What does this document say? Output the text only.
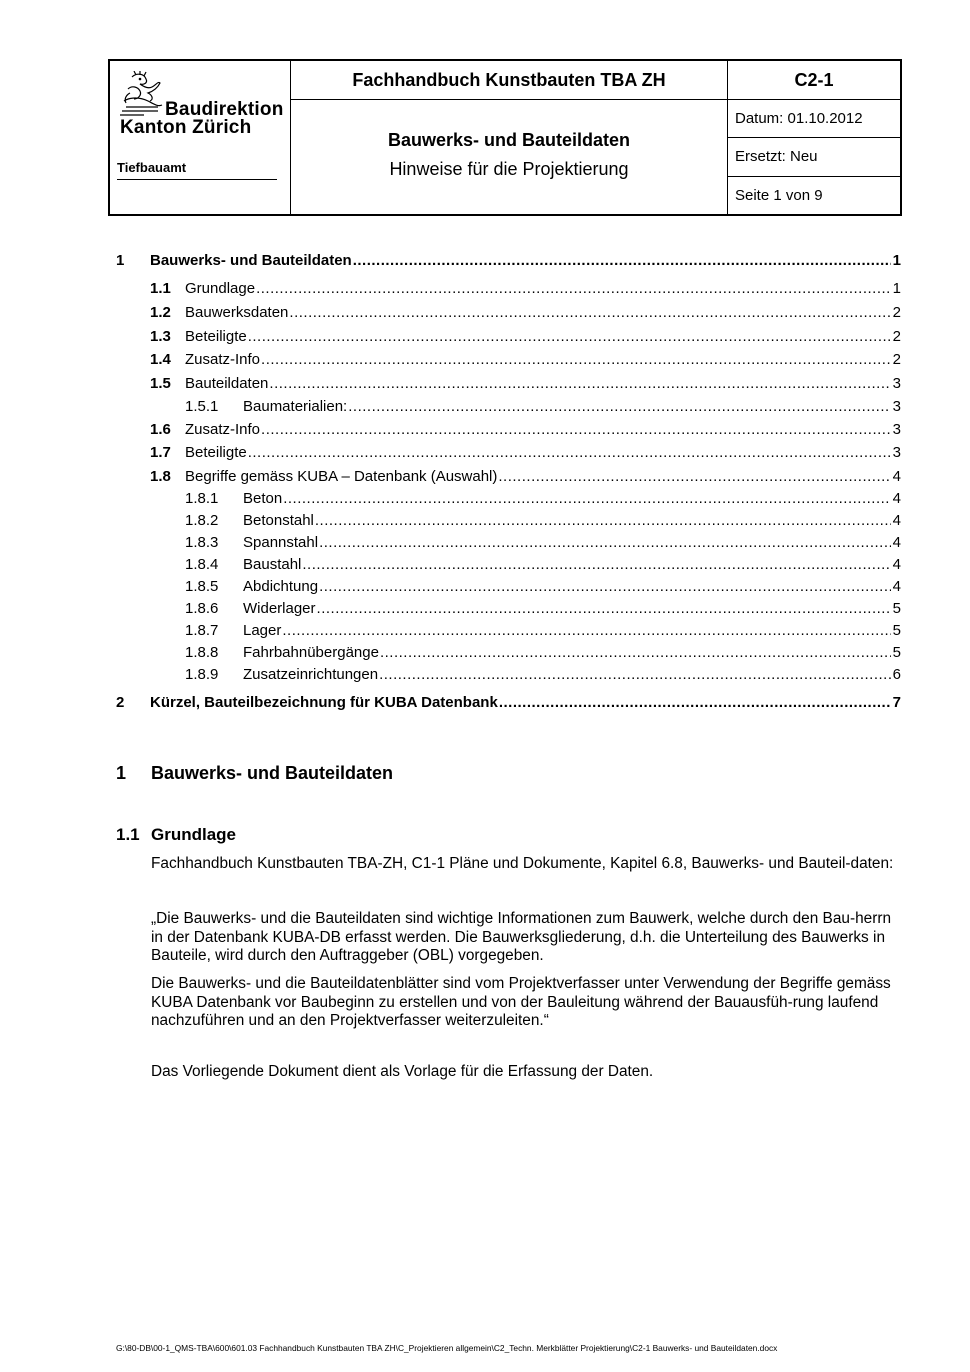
Baudirektion
Kanton Zürich
Tiefbauamt
Fachhandbuch Kunstbauten TBA ZH
Bauwerks- und Bauteildaten
Hinweise für die Projektierung
C2-1
Datum: 01.10.2012
Ersetzt: Neu
Seite 1 von 9
1	Bauwerks- und Bauteildaten .....	1
1.1 Grundlage .....	1
1.2 Bauwerksdaten .....	2
1.3 Beteiligte .....	2
1.4 Zusatz-Info .....	2
1.5 Bauteildaten .....	3
1.5.1	Baumaterialien: .....	3
1.6 Zusatz-Info .....	3
1.7 Beteiligte .....	3
1.8 Begriffe gemäss KUBA – Datenbank (Auswahl) .....	4
1.8.1	Beton .....	4
1.8.2	Betonstahl .....	4
1.8.3	Spannstahl .....	4
1.8.4	Baustahl .....	4
1.8.5	Abdichtung .....	4
1.8.6	Widerlager .....	5
1.8.7	Lager .....	5
1.8.8	Fahrbahnübergänge .....	5
1.8.9	Zusatzeinrichtungen .....	6
2	Kürzel, Bauteilbezeichnung für KUBA Datenbank .....	7
1 Bauwerks- und Bauteildaten
1.1 Grundlage
Fachhandbuch Kunstbauten TBA-ZH, C1-1 Pläne und Dokumente, Kapitel 6.8, Bauwerks- und Bauteil-daten:
„Die Bauwerks- und die Bauteildaten sind wichtige Informationen zum Bauwerk, welche durch den Bau-herrn in der Datenbank KUBA-DB erfasst werden. Die Bauwerksgliederung, d.h. die Unterteilung des Bauwerks in Bauteile, wird durch den Auftraggeber (OBL) vorgegeben.
Die Bauwerks- und die Bauteildatenblätter sind vom Projektverfasser unter Verwendung der Begriffe gemäss KUBA Datenbank vor Baubeginn zu erstellen und von der Bauleitung während der Bauausfüh-rung laufend nachzuführen und an den Projektverfasser weiterzuleiten.“
Das Vorliegende Dokument dient als Vorlage für die Erfassung der Daten.
G:\80-DB\00-1_QMS-TBA\600\601.03 Fachhandbuch Kunstbauten TBA ZH\C_Projektieren allgemein\C2_Techn. Merkblätter Projektierung\C2-1 Bauwerks- und Bauteildaten.docx
